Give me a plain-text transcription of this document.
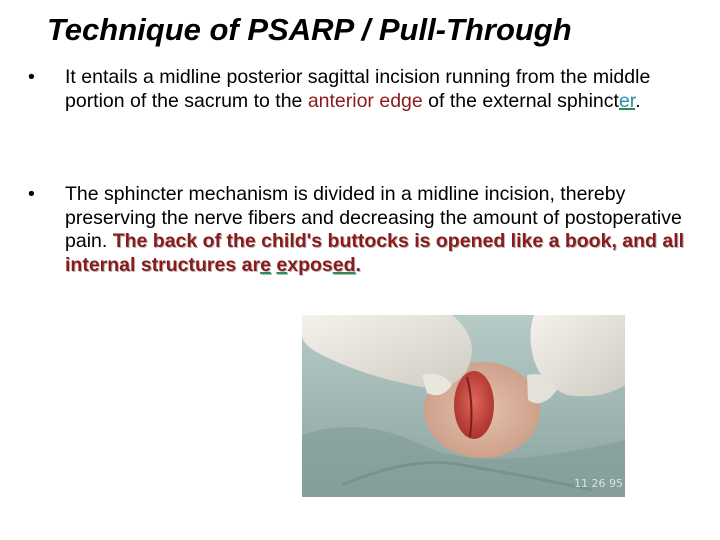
Technique of PSARP / Pull-Through
• It entails a midline posterior sagittal incision running from the middle portion of the sacrum to the anterior edge of the external sphincter.
• The sphincter mechanism is divided in a midline incision, thereby preserving the nerve fibers and decreasing the amount of postoperative pain. The back of the child's buttocks is opened like a book, and all internal structures are exposed.
11 26 95
